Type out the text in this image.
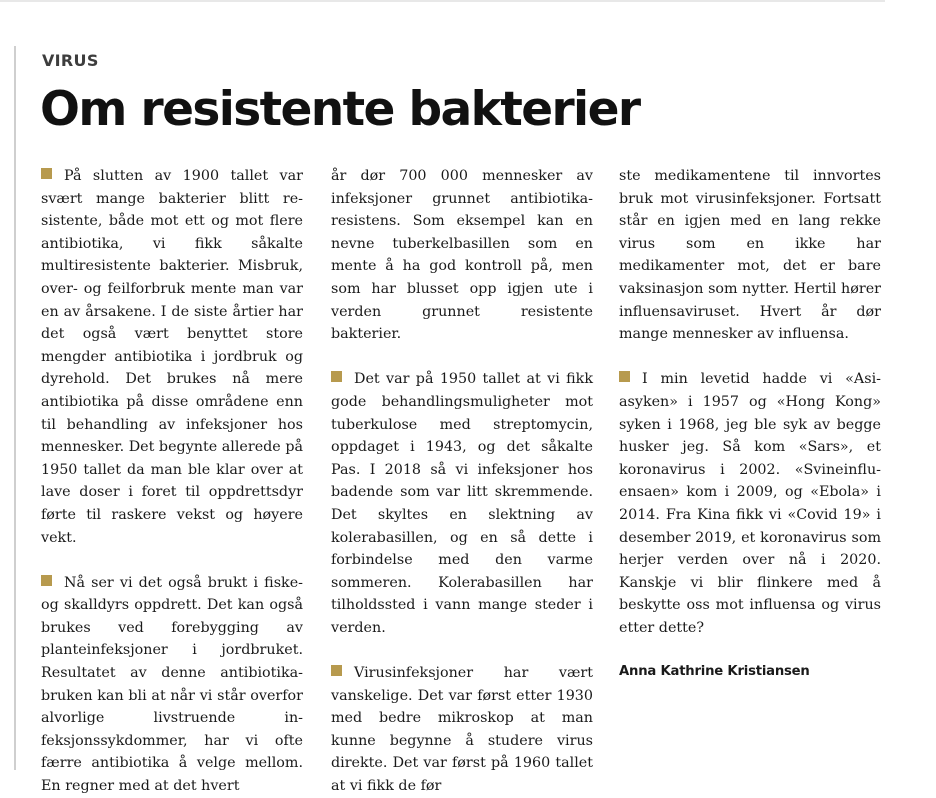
VIRUS
Om resistente bakterier

På slutten av 1900 tallet var svært mange bakterier blitt resistente, både mot ett og mot flere antibiotika, vi fikk såkalte multiresistente bakterier. Misbruk, over- og feilforbruk mente man var en av årsakene. I de siste årtier har det også vært benyttet store mengder antibiotika i jordbruk og dyrehold. Det brukes nå mere antibiotika på disse områdene enn til behandling av infeksjoner hos mennesker. Det begynte allerede på 1950 tallet da man ble klar over at lave doser i foret til oppdrettsdyr førte til raskere vekst og høyere vekt.

Nå ser vi det også brukt i fiske- og skalldyrs oppdrett. Det kan også brukes ved forebygging av planteinfeksjoner i jordbruket. Resultatet av denne antibiotika-bruken kan bli at når vi står overfor alvorlige livstruende infeksjonssykdommer, har vi ofte færre antibiotika å velge mellom. En regner med at det hvert

år dør 700 000 mennesker av infeksjoner grunnet antibiotika-resistens. Som eksempel kan en nevne tuberkelbasillen som en mente å ha god kontroll på, men som har blusset opp igjen ute i verden grunnet resistente bakterier.

Det var på 1950 tallet at vi fikk gode behandlingsmuligheter mot tuberkulose med streptomycin, oppdaget i 1943, og det såkalte Pas. I 2018 så vi infeksjoner hos badende som var litt skremmende. Det skyltes en slektning av kolerabasillen, og en så dette i forbindelse med den varme sommeren. Kolerabasillen har tilholdssted i vann mange steder i verden.

Virusinfeksjoner har vært vanskelige. Det var først etter 1930 med bedre mikroskop at man kunne begynne å studere virus direkte. Det var først på 1960 tallet at vi fikk de før

ste medikamentene til innvortes bruk mot virusinfeksjoner. Fortsatt står en igjen med en lang rekke virus som en ikke har medikamenter mot, det er bare vaksinasjon som nytter. Hertil hører influensaviruset. Hvert år dør mange mennesker av influensa.

I min levetid hadde vi «Asiasyken» i 1957 og «Hong Kong» syken i 1968, jeg ble syk av begge husker jeg. Så kom «Sars», et koronavirus i 2002. «Svineinfluensaen» kom i 2009, og «Ebola» i 2014. Fra Kina fikk vi «Covid 19» i desember 2019, et koronavirus som herjer verden over nå i 2020. Kanskje vi blir flinkere med å beskytte oss mot influensa og virus etter dette?

Anna Kathrine Kristiansen
